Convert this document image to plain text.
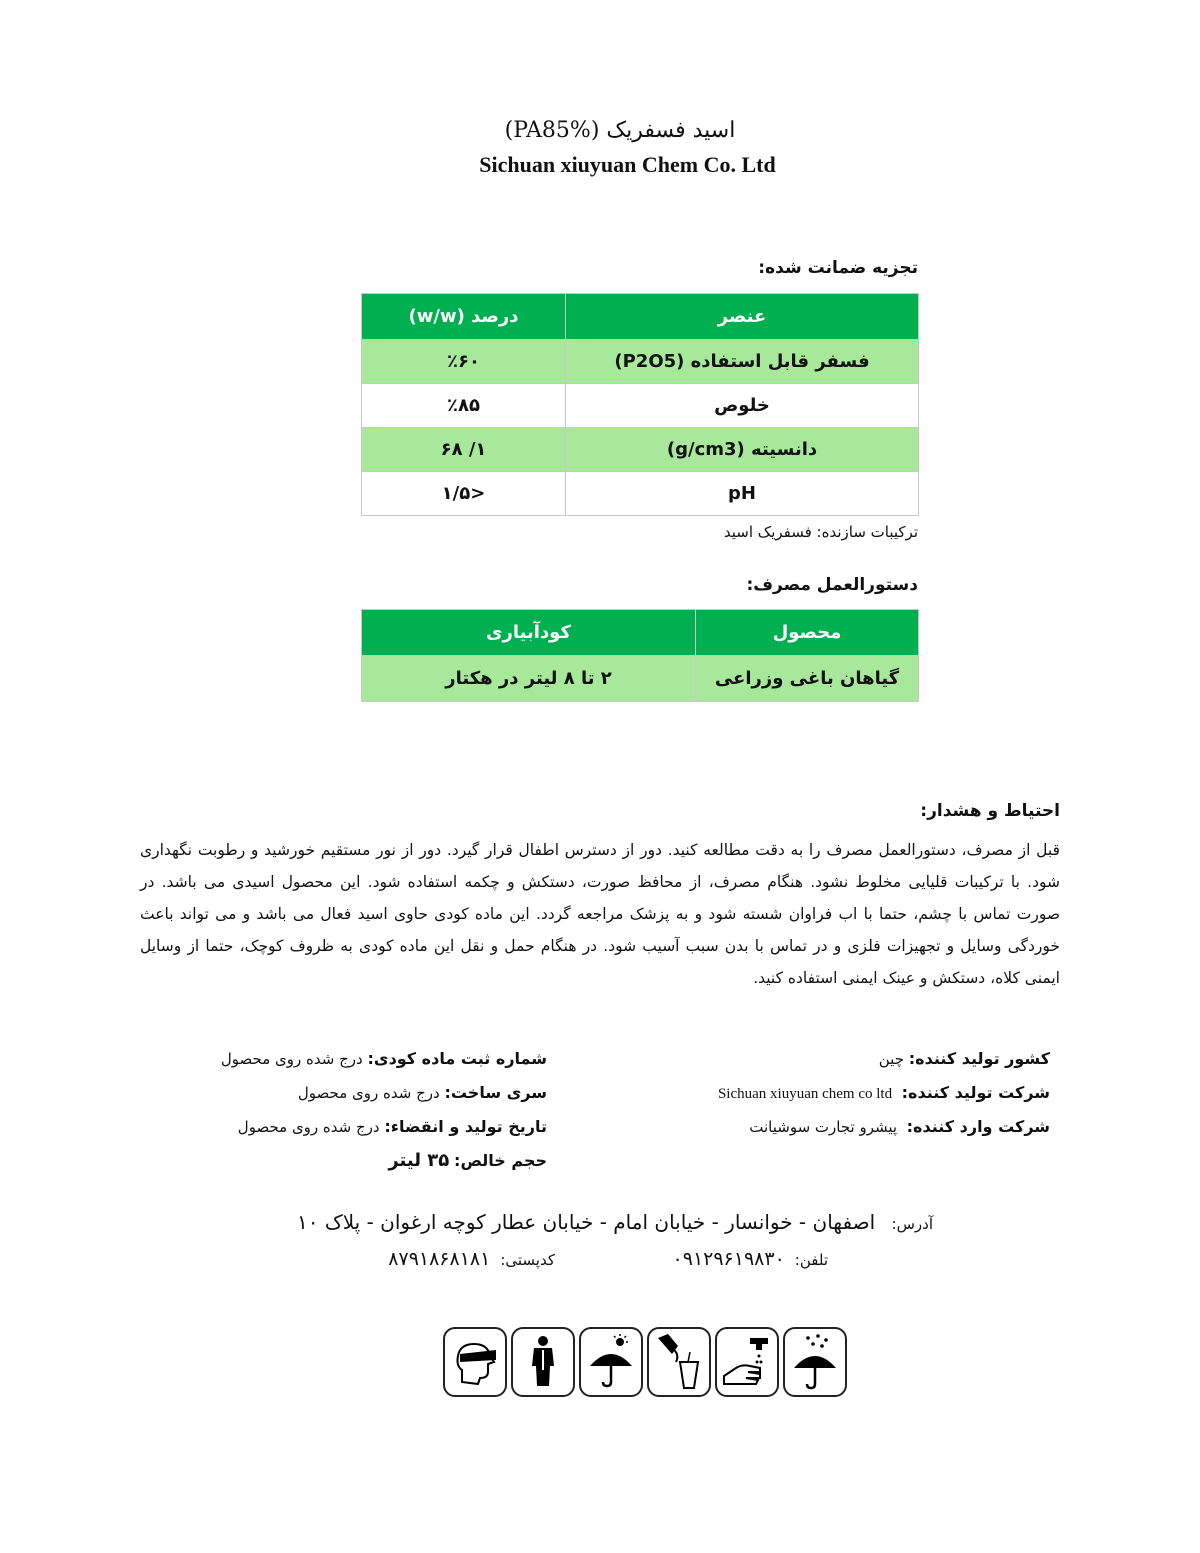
اسید فسفریک (PA85%)
Sichuan xiuyuan Chem Co. Ltd
تجزیه ضمانت شده:
عنصر	درصد (w/w)
فسفر قابل استفاده (P2O5)	٪۶۰
خلوص	٪۸۵
دانسیته (g/cm3)	۱/ ۶۸
pH	<۱/۵
ترکیبات سازنده: فسفریک اسید
دستورالعمل مصرف:
محصول	کودآبیاری
گیاهان باغی وزراعی	۲ تا ۸ لیتر در هکتار
احتیاط و هشدار:
قبل از مصرف، دستورالعمل مصرف را به دقت مطالعه کنید. دور از دسترس اطفال قرار گیرد. دور از نور مستقیم خورشید و رطوبت نگهداری شود. با ترکیبات قلیایی مخلوط نشود. هنگام مصرف، از محافظ صورت، دستکش و چکمه استفاده شود. این محصول اسیدی می باشد. در صورت تماس با چشم، حتما با اب فراوان شسته شود و به پزشک مراجعه گردد. این ماده کودی حاوی اسید فعال می باشد و می تواند باعث خوردگی وسایل و تجهیزات فلزی و در تماس با بدن سبب آسیب شود. در هنگام حمل و نقل این ماده کودی به ظروف کوچک، حتما از وسایل ایمنی کلاه، دستکش و عینک ایمنی استفاده کنید.
کشور تولید کننده: چین
شرکت تولید کننده:  Sichuan xiuyuan chem co ltd
شرکت وارد کننده:  پیشرو تجارت سوشیانت
شماره ثبت ماده کودی: درج شده روی محصول
سری ساخت: درج شده روی محصول
تاریخ تولید و انقضاء: درج شده روی محصول
حجم خالص: ۳۵ لیتر
آدرس: اصفهان - خوانسار - خیابان امام - خیابان عطار کوچه ارغوان - پلاک ۱۰
تلفن:۰۹۱۲۹۶۱۹۸۳۰
کدپستی:۸۷۹۱۸۶۸۱۸۱
